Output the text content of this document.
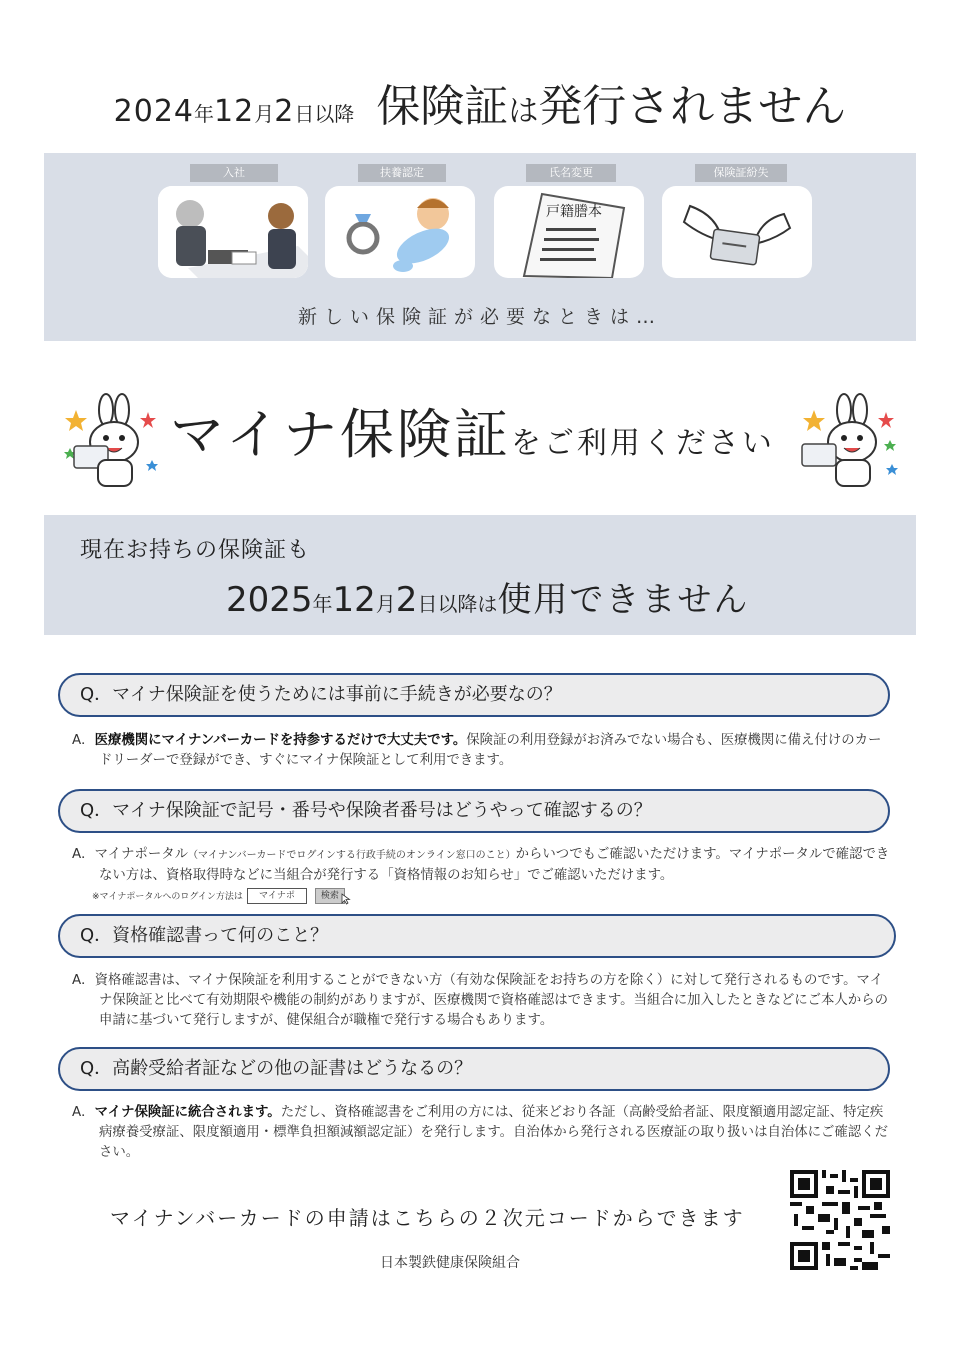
2024年12月2日以降 保険証は発行されません
入社	扶養認定	氏名変更	保険証紛失
戸籍謄本
新しい保険証が必要なときは…
マイナ保険証をご利用ください
現在お持ちの保険証も
2025年12月2日以降は使用できません
Q．マイナ保険証を使うためには事前に手続きが必要なの？
A．医療機関にマイナンバーカードを持参するだけで大丈夫です。保険証の利用登録がお済みでない場合も、医療機関に備え付けのカードリーダーで登録ができ、すぐにマイナ保険証として利用できます。
Q．マイナ保険証で記号・番号や保険者番号はどうやって確認するの？
A．マイナポータル（マイナンバーカードでログインする行政手続のオンライン窓口のこと）からいつでもご確認いただけます。マイナポータルで確認できない方は、資格取得時などに当組合が発行する「資格情報のお知らせ」でご確認いただけます。
※マイナポータルへのログイン方法は	マイナポ	検索
Q．資格確認書って何のこと？
A．資格確認書は、マイナ保険証を利用することができない方（有効な保険証をお持ちの方を除く）に対して発行されるものです。マイナ保険証と比べて有効期限や機能の制約がありますが、医療機関で資格確認はできます。当組合に加入したときなどにご本人からの申請に基づいて発行しますが、健保組合が職権で発行する場合もあります。
Q．高齢受給者証などの他の証書はどうなるの？
A．マイナ保険証に統合されます。ただし、資格確認書をご利用の方には、従来どおり各証（高齢受給者証、限度額適用認定証、特定疾病療養受療証、限度額適用・標準負担額減額認定証）を発行します。自治体から発行される医療証の取り扱いは自治体にご確認ください。
マイナンバーカードの申請はこちらの２次元コードからできます
日本製鉄健康保険組合
